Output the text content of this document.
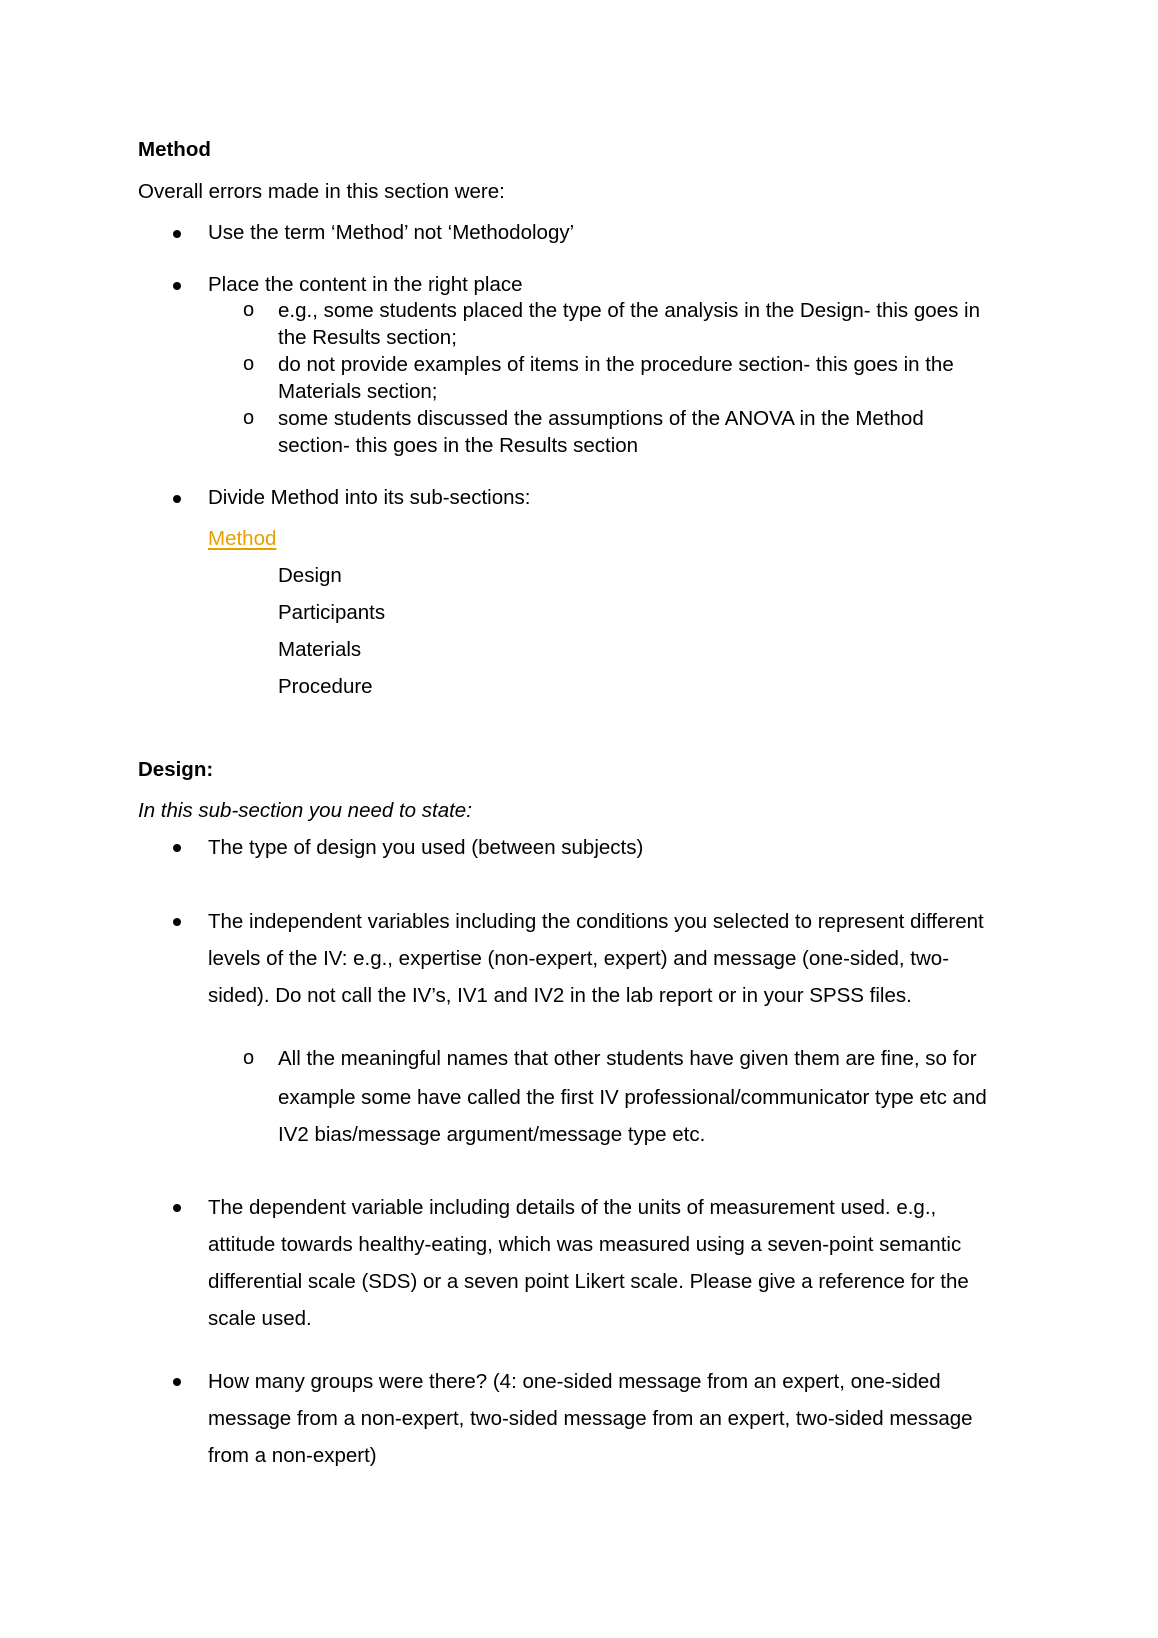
Method
Overall errors made in this section were:
Use the term ‘Method’ not ‘Methodology’
Place the content in the right place
o e.g., some students placed the type of the analysis in the Design- this goes in
the Results section;
o do not provide examples of items in the procedure section- this goes in the
Materials section;
o some students discussed the assumptions of the ANOVA in the Method
section- this goes in the Results section
Divide Method into its sub-sections:
Method
Design
Participants
Materials
Procedure
Design:
In this sub-section you need to state:
The type of design you used (between subjects)
The independent variables including the conditions you selected to represent different
levels of the IV: e.g., expertise (non-expert, expert) and message (one-sided, two-
sided). Do not call the IV’s, IV1 and IV2 in the lab report or in your SPSS files.
o All the meaningful names that other students have given them are fine, so for
example some have called the first IV professional/communicator type etc and
IV2 bias/message argument/message type etc.
The dependent variable including details of the units of measurement used. e.g.,
attitude towards healthy-eating, which was measured using a seven-point semantic
differential scale (SDS) or a seven point Likert scale. Please give a reference for the
scale used.
How many groups were there? (4: one-sided message from an expert, one-sided
message from a non-expert, two-sided message from an expert, two-sided message
from a non-expert)
